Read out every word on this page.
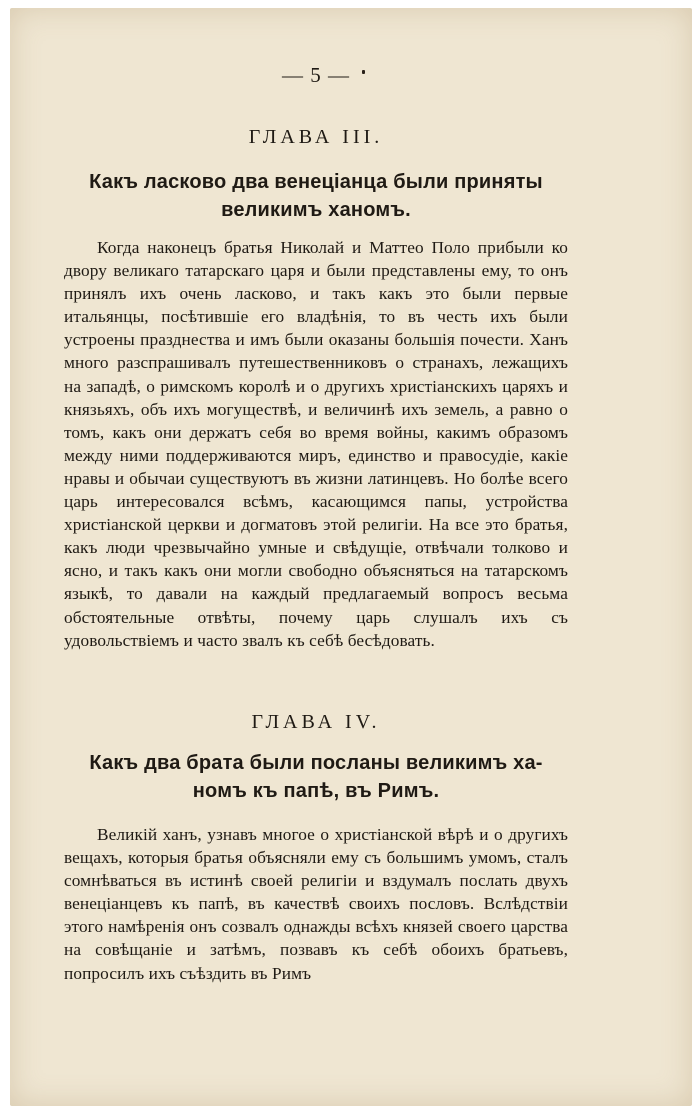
— 5 —
ГЛАВА III.
Какъ ласково два венеціанца были приняты
великимъ ханомъ.
Когда наконецъ братья Николай и Маттео Поло прибыли ко двору великаго татарскаго царя и были представлены ему, то онъ принялъ ихъ очень ласково, и такъ какъ это были первые итальянцы, посѣтившіе его владѣнія, то въ честь ихъ были устроены празднества и имъ были оказаны большія почести. Ханъ много разспрашивалъ путешественниковъ о странахъ, лежащихъ на западѣ, о римскомъ королѣ и о другихъ христіанскихъ царяхъ и князьяхъ, объ ихъ могуществѣ, и величинѣ ихъ земель, а равно о томъ, какъ они держатъ себя во время войны, какимъ образомъ между ними поддерживаются миръ, единство и правосудіе, какіе нравы и обычаи существуютъ въ жизни латинцевъ. Но болѣе всего царь интересовался всѣмъ, касающимся папы, устройства христіанской церкви и догматовъ этой религіи. На все это братья, какъ люди чрезвычайно умные и свѣдущіе, отвѣчали толково и ясно, и такъ какъ они могли свободно объясняться на татарскомъ языкѣ, то давали на каждый предлагаемый вопросъ весьма обстоятельные отвѣты, почему царь слушалъ ихъ съ удовольствіемъ и часто звалъ къ себѣ бесѣдовать.
ГЛАВА IV.
Какъ два брата были посланы великимъ ха-
номъ къ папѣ, въ Римъ.
Великій ханъ, узнавъ многое о христіанской вѣрѣ и о другихъ вещахъ, которыя братья объясняли ему съ большимъ умомъ, сталъ сомнѣваться въ истинѣ своей религіи и вздумалъ послать двухъ венеціанцевъ къ папѣ, въ качествѣ своихъ пословъ. Вслѣдствіи этого намѣренія онъ созвалъ однажды всѣхъ князей своего царства на совѣщаніе и затѣмъ, позвавъ къ себѣ обоихъ братьевъ, попросилъ ихъ съѣздить въ Римъ
